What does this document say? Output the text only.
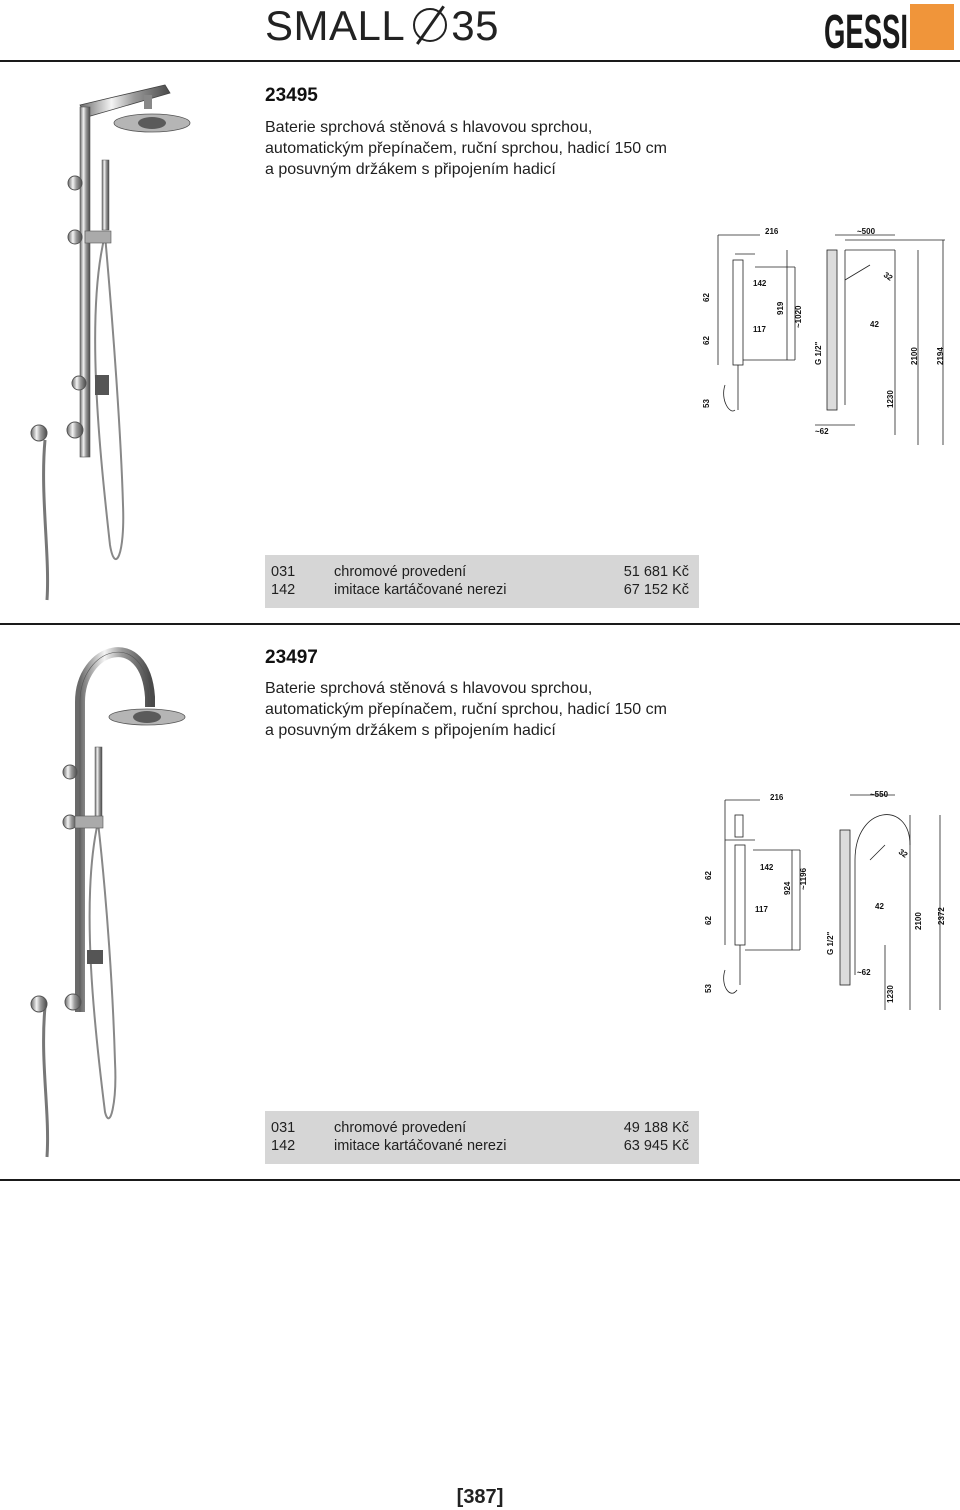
SMALL 35	GESSI
23495
Baterie sprchová stěnová s hlavovou sprchou,
automatickým přepínačem, ruční sprchou, hadicí 150 cm
a posuvným držákem s připojením hadicí
216	~500
32
62
142
919 ~1020
62
117
42
G 1/2"	2100 2194
53	1230
~62
031	chromové provedení	51 681 Kč
142	imitace kartáčované nerezi	67 152 Kč
23497
Baterie sprchová stěnová s hlavovou sprchou,
automatickým přepínačem, ruční sprchou, hadicí 150 cm
a posuvným držákem s připojením hadicí
216	~550
32
62
142
924 ~1196
117
62
42
G 1/2"
2100 2372
~62
53	1230
031	chromové provedení	49 188 Kč
142	imitace kartáčované nerezi	63 945 Kč
[387]
